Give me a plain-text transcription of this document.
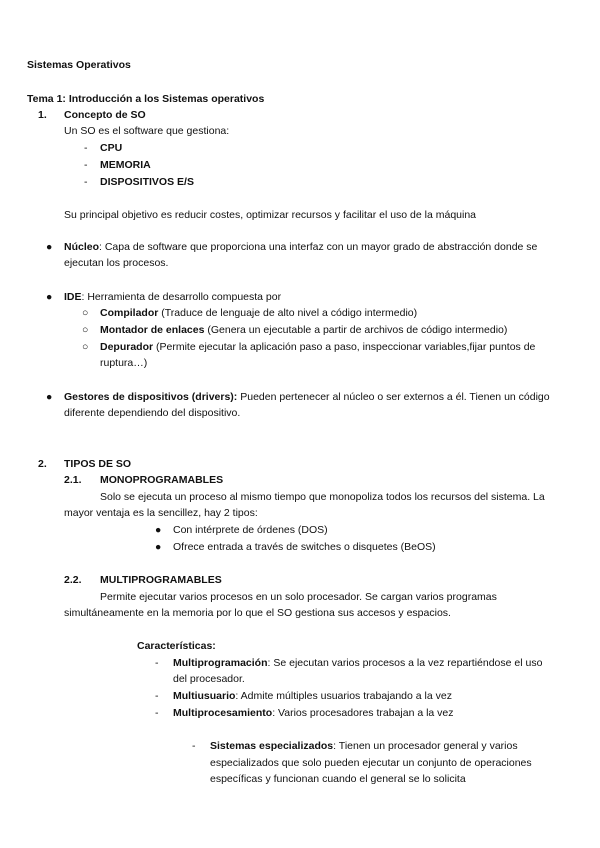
Sistemas Operativos
Tema 1: Introducción a los Sistemas operativos
1. Concepto de SO
Un SO es el software que gestiona:
- CPU
- MEMORIA
- DISPOSITIVOS E/S
Su principal objetivo es reducir costes, optimizar recursos y facilitar el uso de la máquina
● Núcleo: Capa de software que proporciona una interfaz con un mayor grado de abstracción donde se
ejecutan los procesos.
● IDE: Herramienta de desarrollo compuesta por
○ Compilador (Traduce de lenguaje de alto nivel a código intermedio)
○ Montador de enlaces (Genera un ejecutable a partir de archivos de código intermedio)
○ Depurador (Permite ejecutar la aplicación paso a paso, inspeccionar variables,fijar puntos de
ruptura…)
● Gestores de dispositivos (drivers): Pueden pertenecer al núcleo o ser externos a él. Tienen un código
diferente dependiendo del dispositivo.
2. TIPOS DE SO
2.1. MONOPROGRAMABLES
Solo se ejecuta un proceso al mismo tiempo que monopoliza todos los recursos del sistema. La
mayor ventaja es la sencillez, hay 2 tipos:
● Con intérprete de órdenes (DOS)
● Ofrece entrada a través de switches o disquetes (BeOS)
2.2. MULTIPROGRAMABLES
Permite ejecutar varios procesos en un solo procesador. Se cargan varios programas
simultáneamente en la memoria por lo que el SO gestiona sus accesos y espacios.
Características:
- Multiprogramación: Se ejecutan varios procesos a la vez repartiéndose el uso
del procesador.
- Multiusuario: Admite múltiples usuarios trabajando a la vez
- Multiprocesamiento: Varios procesadores trabajan a la vez
- Sistemas especializados: Tienen un procesador general y varios
especializados que solo pueden ejecutar un conjunto de operaciones
específicas y funcionan cuando el general se lo solicita
